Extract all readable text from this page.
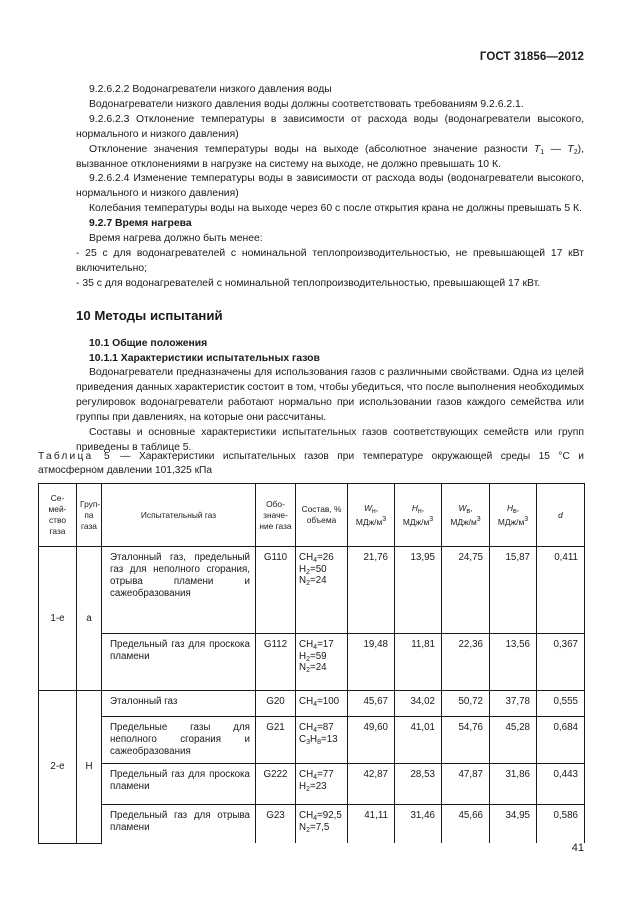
ГОСТ 31856—2012

9.2.6.2.2 Водонагреватели низкого давления воды

Водонагреватели низкого давления воды должны соответствовать требованиям 9.2.6.2.1.

9.2.6.2.3 Отклонение температуры в зависимости от расхода воды (водонагреватели высокого, нормального и низкого давления)

Отклонение значения температуры воды на выходе (абсолютное значение разности $T_1$ — $T_2$), вызванное отклонениями в нагрузке на систему на выходе, не должно превышать 10 К.

9.2.6.2.4 Изменение температуры воды в зависимости от расхода воды (водонагреватели высокого, нормального и низкого давления)

Колебания температуры воды на выходе через 60 с после открытия крана не должны превышать 5 К.

9.2.7 Время нагрева

Время нагрева должно быть менее:

- 25 с для водонагревателей с номинальной теплопроизводительностью, не превышающей 17 кВт включительно;

- 35 с для водонагревателей с номинальной теплопроизводительностью, превышающей 17 кВт.

10 Методы испытаний

10.1 Общие положения

10.1.1 Характеристики испытательных газов

Водонагреватели предназначены для использования газов с различными свойствами. Одна из целей приведения данных характеристик состоит в том, чтобы убедиться, что после выполнения необходимых регулировок водонагреватели работают нормально при использовании газов каждого семейства или группы при давлениях, на которые они рассчитаны.

Составы и основные характеристики испытательных газов соответствующих семейств или групп приведены в таблице 5.

Таблица 5 — Характеристики испытательных газов при температуре окружающей среды 15 °С и атмосферном давлении 101,325 кПа
Се-мей-ство газа	Груп-па газа	Испытательный газ	Обо-значе-ние газа	Состав, % объема	$W_н$,
МДж/$м^3$	$H_н$,
МДж/$м^3$	$W_в$,
МДж/$м^3$	$H_в$,
МДж/$м^3$	d
1-е	а	Эталонный газ, предельный газ для неполного сгорания, отрыва пламени и сажеобразования	G110	$CH_4=26$
$H_2=50$
$N_2=24$	21,76	13,95	24,75	15,87	0,411
		Предельный газ для проскока пламени	G112	$CH_4=17$
$H_2=59$
$N_2=24$	19,48	11,81	22,36	13,56	0,367
2-е	Н	Эталонный газ	G20	$CH_4=100$	45,67	34,02	50,72	37,78	0,555
		Предельные газы для неполного сгорания и сажеобразования	G21	$CH_4=87$
$C_3H_8=13$	49,60	41,01	54,76	45,28	0,684
		Предельный газ для проскока пламени	G222	$CH_4=77$
$H_2=23$	42,87	28,53	47,87	31,86	0,443
		Предельный газ для отрыва пламени	G23	$CH_4=92,5$
$N_2=7,5$	41,11	31,46	45,66	34,95	0,586
41
